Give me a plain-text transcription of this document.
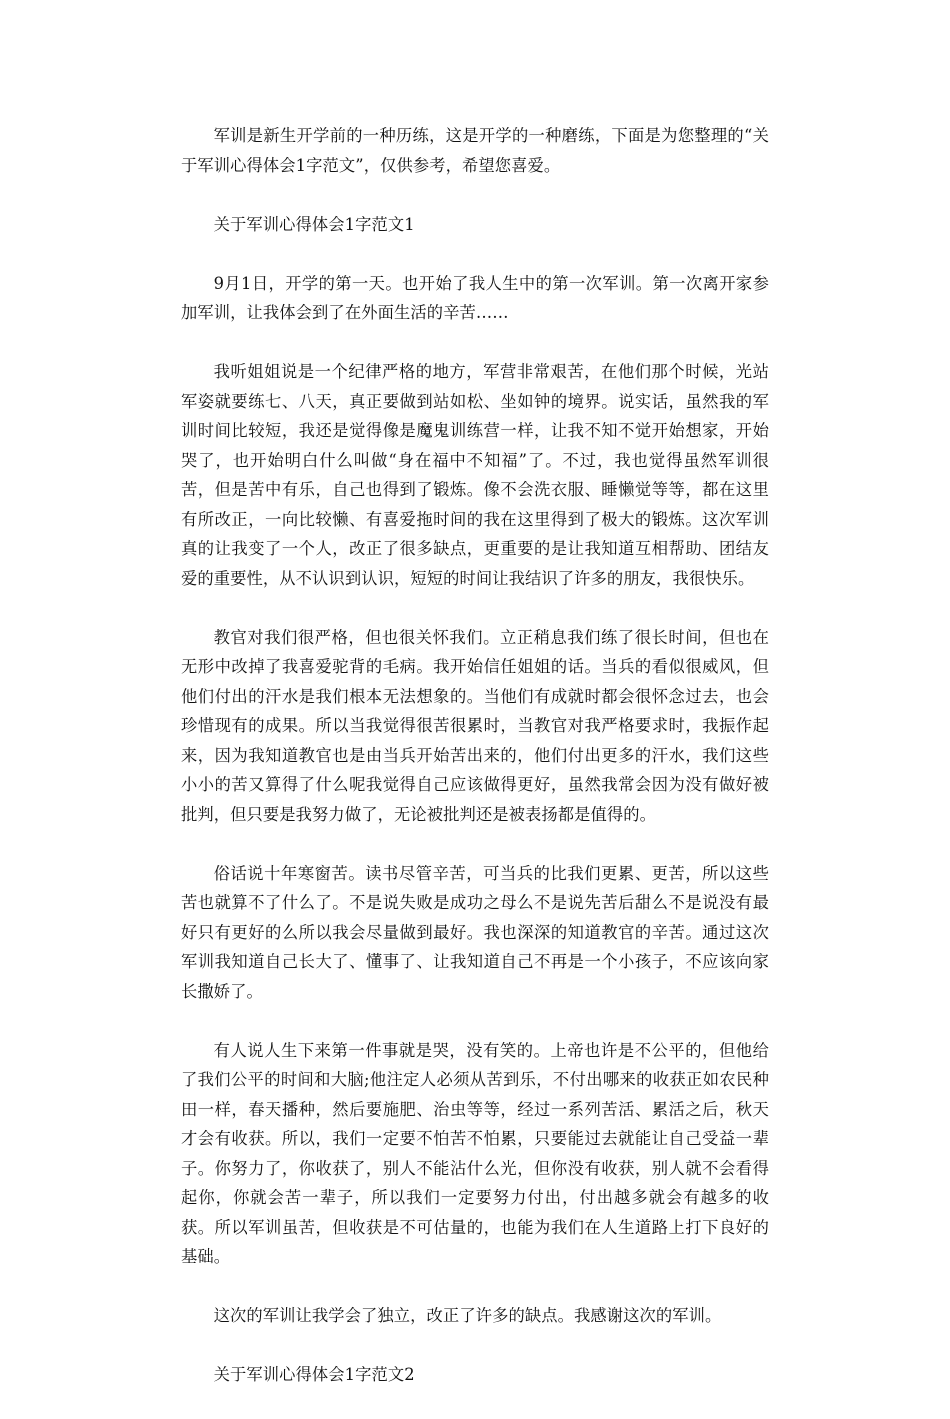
军训是新生开学前的一种历练，这是开学的一种磨练，下面是为您整理的“关于军训心得体会1字范文”，仅供参考，希望您喜爱。

关于军训心得体会1字范文1

9月1日，开学的第一天。也开始了我人生中的第一次军训。第一次离开家参加军训，让我体会到了在外面生活的辛苦……

我听姐姐说是一个纪律严格的地方，军营非常艰苦，在他们那个时候，光站军姿就要练七、八天，真正要做到站如松、坐如钟的境界。说实话，虽然我的军训时间比较短，我还是觉得像是魔鬼训练营一样，让我不知不觉开始想家，开始哭了，也开始明白什么叫做“身在福中不知福”了。不过，我也觉得虽然军训很苦，但是苦中有乐，自己也得到了锻炼。像不会洗衣服、睡懒觉等等，都在这里有所改正，一向比较懒、有喜爱拖时间的我在这里得到了极大的锻炼。这次军训真的让我变了一个人，改正了很多缺点，更重要的是让我知道互相帮助、团结友爱的重要性，从不认识到认识，短短的时间让我结识了许多的朋友，我很快乐。

教官对我们很严格，但也很关怀我们。立正稍息我们练了很长时间，但也在无形中改掉了我喜爱驼背的毛病。我开始信任姐姐的话。当兵的看似很威风，但他们付出的汗水是我们根本无法想象的。当他们有成就时都会很怀念过去，也会珍惜现有的成果。所以当我觉得很苦很累时，当教官对我严格要求时，我振作起来，因为我知道教官也是由当兵开始苦出来的，他们付出更多的汗水，我们这些小小的苦又算得了什么呢我觉得自己应该做得更好，虽然我常会因为没有做好被批判，但只要是我努力做了，无论被批判还是被表扬都是值得的。

俗话说十年寒窗苦。读书尽管辛苦，可当兵的比我们更累、更苦，所以这些苦也就算不了什么了。不是说失败是成功之母么不是说先苦后甜么不是说没有最好只有更好的么所以我会尽量做到最好。我也深深的知道教官的辛苦。通过这次军训我知道自己长大了、懂事了、让我知道自己不再是一个小孩子，不应该向家长撒娇了。

有人说人生下来第一件事就是哭，没有笑的。上帝也许是不公平的，但他给了我们公平的时间和大脑;他注定人必须从苦到乐，不付出哪来的收获正如农民种田一样，春天播种，然后要施肥、治虫等等，经过一系列苦活、累活之后，秋天才会有收获。所以，我们一定要不怕苦不怕累，只要能过去就能让自己受益一辈子。你努力了，你收获了，别人不能沾什么光，但你没有收获，别人就不会看得起你，你就会苦一辈子，所以我们一定要努力付出，付出越多就会有越多的收获。所以军训虽苦，但收获是不可估量的，也能为我们在人生道路上打下良好的基础。

这次的军训让我学会了独立，改正了许多的缺点。我感谢这次的军训。

关于军训心得体会1字范文2
